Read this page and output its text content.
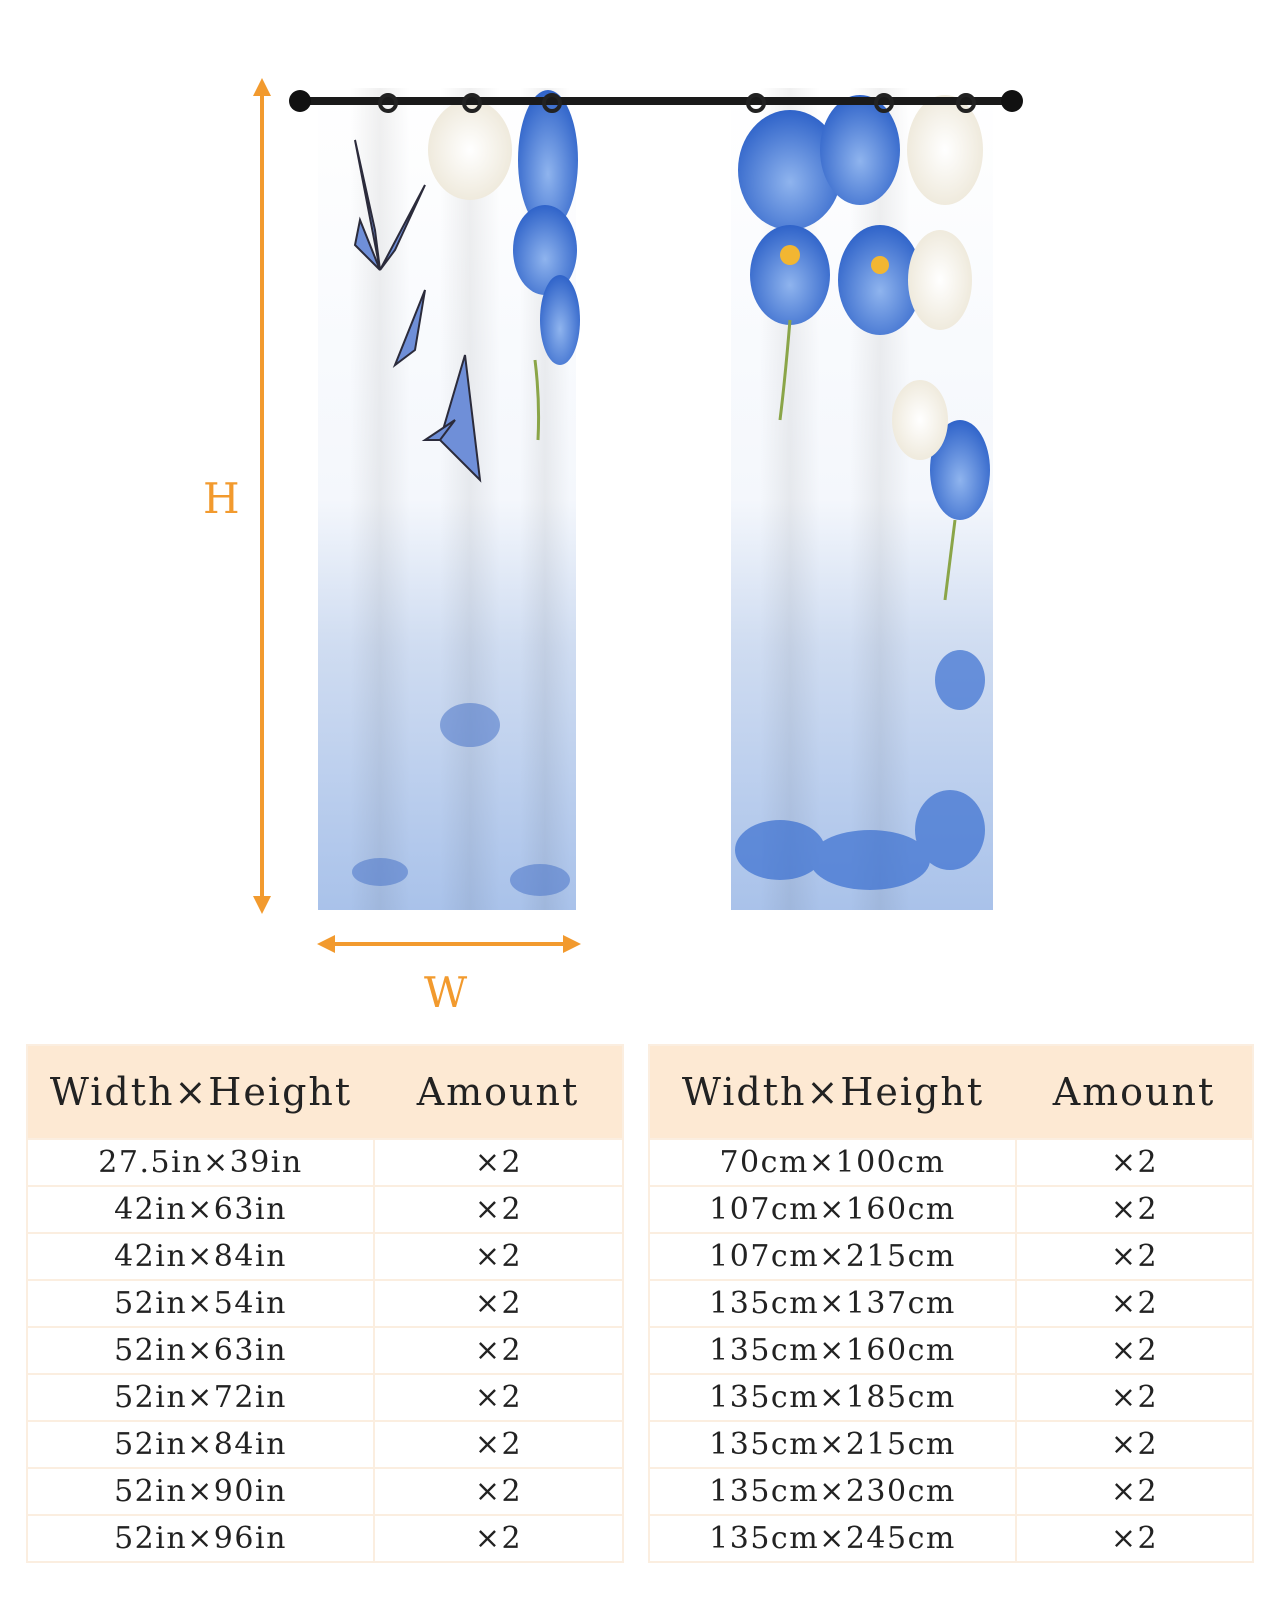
H
W
Width×Height	Amount
27.5in×39in	×2
42in×63in	×2
42in×84in	×2
52in×54in	×2
52in×63in	×2
52in×72in	×2
52in×84in	×2
52in×90in	×2
52in×96in	×2
Width×Height	Amount
70cm×100cm	×2
107cm×160cm	×2
107cm×215cm	×2
135cm×137cm	×2
135cm×160cm	×2
135cm×185cm	×2
135cm×215cm	×2
135cm×230cm	×2
135cm×245cm	×2
